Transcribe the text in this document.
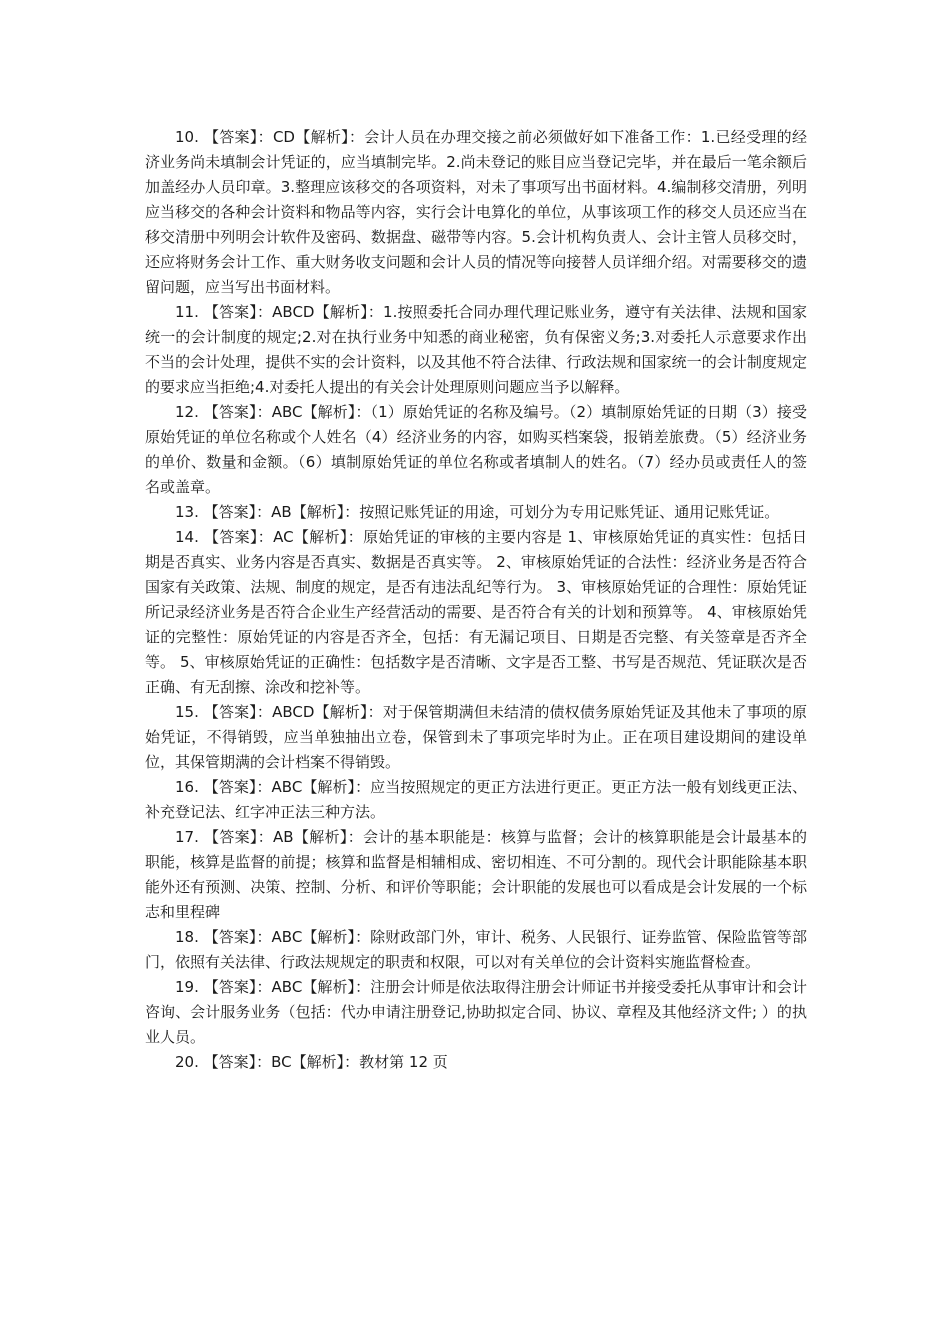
10. 【答案】：CD【解析】：会计人员在办理交接之前必须做好如下准备工作：1.已经受理的经济业务尚未填制会计凭证的，应当填制完毕。2.尚未登记的账目应当登记完毕，并在最后一笔余额后加盖经办人员印章。3.整理应该移交的各项资料，对未了事项写出书面材料。4.编制移交清册，列明应当移交的各种会计资料和物品等内容，实行会计电算化的单位，从事该项工作的移交人员还应当在移交清册中列明会计软件及密码、数据盘、磁带等内容。5.会计机构负责人、会计主管人员移交时，还应将财务会计工作、重大财务收支问题和会计人员的情况等向接替人员详细介绍。对需要移交的遗留问题，应当写出书面材料。

11. 【答案】：ABCD【解析】：1.按照委托合同办理代理记账业务，遵守有关法律、法规和国家统一的会计制度的规定;2.对在执行业务中知悉的商业秘密，负有保密义务;3.对委托人示意要求作出不当的会计处理，提供不实的会计资料，以及其他不符合法律、行政法规和国家统一的会计制度规定的要求应当拒绝;4.对委托人提出的有关会计处理原则问题应当予以解释。

12. 【答案】：ABC【解析】：（1）原始凭证的名称及编号。（2）填制原始凭证的日期（3）接受原始凭证的单位名称或个人姓名（4）经济业务的内容，如购买档案袋，报销差旅费。（5）经济业务的单价、数量和金额。（6）填制原始凭证的单位名称或者填制人的姓名。（7）经办员或责任人的签名或盖章。

13. 【答案】：AB【解析】：按照记账凭证的用途，可划分为专用记账凭证、通用记账凭证。

14. 【答案】：AC【解析】：原始凭证的审核的主要内容是 1、审核原始凭证的真实性：包括日期是否真实、业务内容是否真实、数据是否真实等。 2、审核原始凭证的合法性：经济业务是否符合国家有关政策、法规、制度的规定，是否有违法乱纪等行为。 3、审核原始凭证的合理性：原始凭证所记录经济业务是否符合企业生产经营活动的需要、是否符合有关的计划和预算等。 4、审核原始凭证的完整性：原始凭证的内容是否齐全，包括：有无漏记项目、日期是否完整、有关签章是否齐全等。 5、审核原始凭证的正确性：包括数字是否清晰、文字是否工整、书写是否规范、凭证联次是否正确、有无刮擦、涂改和挖补等。

15. 【答案】：ABCD【解析】：对于保管期满但未结清的债权债务原始凭证及其他未了事项的原始凭证，不得销毁，应当单独抽出立卷，保管到未了事项完毕时为止。正在项目建设期间的建设单位，其保管期满的会计档案不得销毁。

16. 【答案】：ABC【解析】：应当按照规定的更正方法进行更正。更正方法一般有划线更正法、补充登记法、红字冲正法三种方法。

17. 【答案】：AB【解析】：会计的基本职能是：核算与监督；会计的核算职能是会计最基本的职能，核算是监督的前提；核算和监督是相辅相成、密切相连、不可分割的。现代会计职能除基本职能外还有预测、决策、控制、分析、和评价等职能；会计职能的发展也可以看成是会计发展的一个标志和里程碑

18. 【答案】：ABC【解析】：除财政部门外，审计、税务、人民银行、证券监管、保险监管等部门，依照有关法律、行政法规规定的职责和权限，可以对有关单位的会计资料实施监督检查。

19. 【答案】：ABC【解析】：注册会计师是依法取得注册会计师证书并接受委托从事审计和会计咨询、会计服务业务（包括：代办申请注册登记,协助拟定合同、协议、章程及其他经济文件; ）的执业人员。

20. 【答案】：BC【解析】：教材第 12 页
